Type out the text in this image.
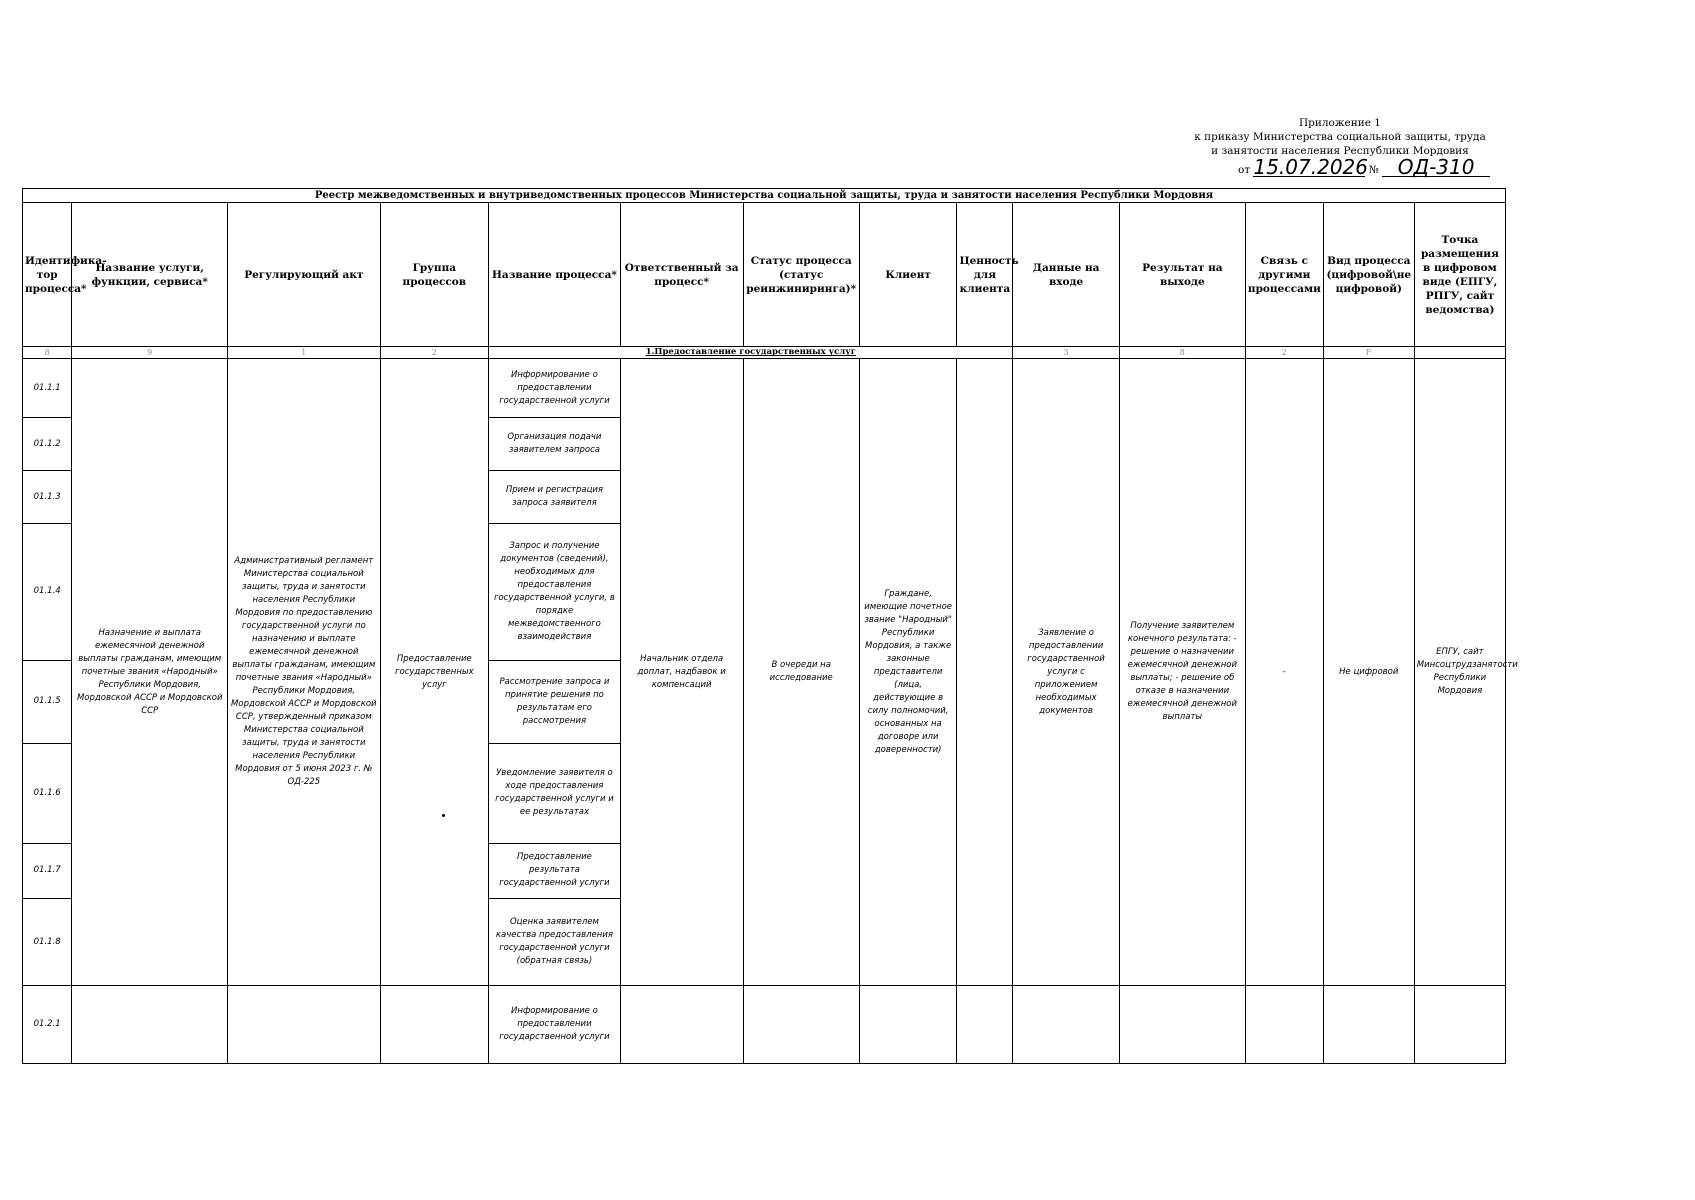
Приложение 1
к приказу Министерства социальной защиты, труда
и занятости населения Республики Мордовия
от 15.07.2026 № ОД-310
Реестр межведомственных и внутриведомственных процессов Министерства социальной защиты, труда и занятости населения Республики Мордовия													
Идентифика-тор процесса*	Название услуги, функции, сервиса*	Регулирующий акт	Группа процессов	Название процесса*	Ответственный за процесс*	Статус процесса (статус реинжиниринга)*	Клиент	Ценность для клиента	Данные на входе	Результат на выходе	Связь с другими процессами	Вид процесса (цифровой\не цифровой)	Точка размещения в цифровом виде (ЕПГУ, РПГУ, сайт ведомства)
8	9	1	2	1.Предоставление государственных услуг					3	8	2	F	
01.1.1	Назначение и выплата ежемесячной денежной выплаты гражданам, имеющим почетные звания «Народный» Республики Мордовия, Мордовской АССР и Мордовской ССР	Административный регламент Министерства социальной защиты, труда и занятости населения Республики Мордовия по предоставлению государственной услуги по назначению и выплате ежемесячной денежной выплаты гражданам, имеющим почетные звания «Народный» Республики Мордовия, Мордовской АССР и Мордовской ССР, утвержденный приказом Министерства социальной защиты, труда и занятости населения Республики Мордовия от 5 июня 2023 г. № ОД-225	Предоставление государственных услуг	Информирование о предоставлении государственной услуги	Начальник отдела доплат, надбавок и компенсаций	В очереди на исследование	Граждане, имеющие почетное звание "Народный" Республики Мордовия, а также законные представители (лица, действующие в силу полномочий, основанных на договоре или доверенности)		Заявление о предоставлении государственной услуги с приложением необходимых документов	Получение заявителем конечного результата: - решение о назначении ежемесячной денежной выплаты; - решение об отказе в назначении ежемесячной денежной выплаты	-	Не цифровой	ЕПГУ, сайт Минсоцтрудзанятости Республики Мордовия
01.1.2				Организация подачи заявителем запроса									
01.1.3				Прием и регистрация запроса заявителя									
01.1.4				Запрос и получение документов (сведений), необходимых для предоставления государственной услуги, в порядке межведомственного взаимодействия									
01.1.5				Рассмотрение запроса и принятие решения по результатам его рассмотрения									
01.1.6				Уведомление заявителя о ходе предоставления государственной услуги и ее результатах									
01.1.7				Предоставление результата государственной услуги									
01.1.8				Оценка заявителем качества предоставления государственной услуги (обратная связь)									
01.2.1				Информирование о предоставлении государственной услуги									
